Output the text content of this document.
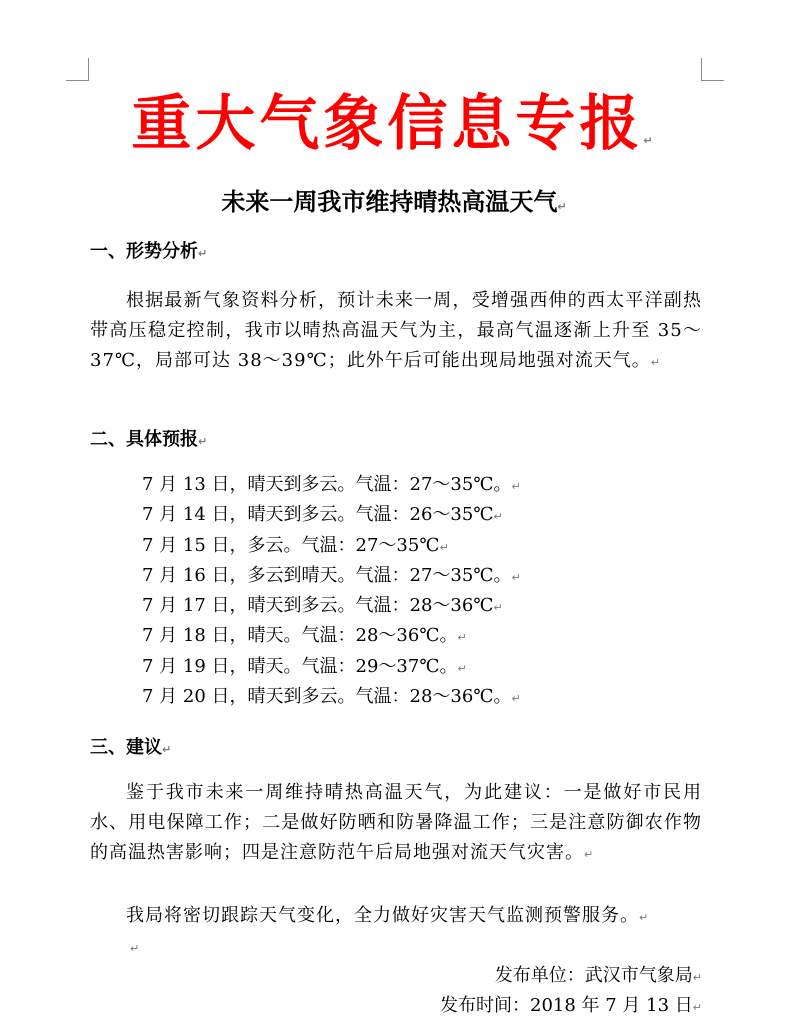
重大气象信息专报↵
未来一周我市维持晴热高温天气↵
一、形势分析↵
根据最新气象资料分析，预计未来一周，受增强西伸的西太平洋副热带高压稳定控制，我市以晴热高温天气为主，最高气温逐渐上升至 35～37℃，局部可达 38～39℃；此外午后可能出现局地强对流天气。↵
二、具体预报↵
7 月 13 日，晴天到多云。气温：27～35℃。↵
7 月 14 日，晴天到多云。气温：26～35℃↵
7 月 15 日，多云。气温：27～35℃↵
7 月 16 日，多云到晴天。气温：27～35℃。↵
7 月 17 日，晴天到多云。气温：28～36℃↵
7 月 18 日，晴天。气温：28～36℃。↵
7 月 19 日，晴天。气温：29～37℃。↵
7 月 20 日，晴天到多云。气温：28～36℃。↵
三、建议↵
鉴于我市未来一周维持晴热高温天气，为此建议：一是做好市民用水、用电保障工作；二是做好防晒和防暑降温工作；三是注意防御农作物的高温热害影响；四是注意防范午后局地强对流天气灾害。↵
我局将密切跟踪天气变化，全力做好灾害天气监测预警服务。↵
↵
发布单位：武汉市气象局↵
发布时间：2018 年 7 月 13 日↵
